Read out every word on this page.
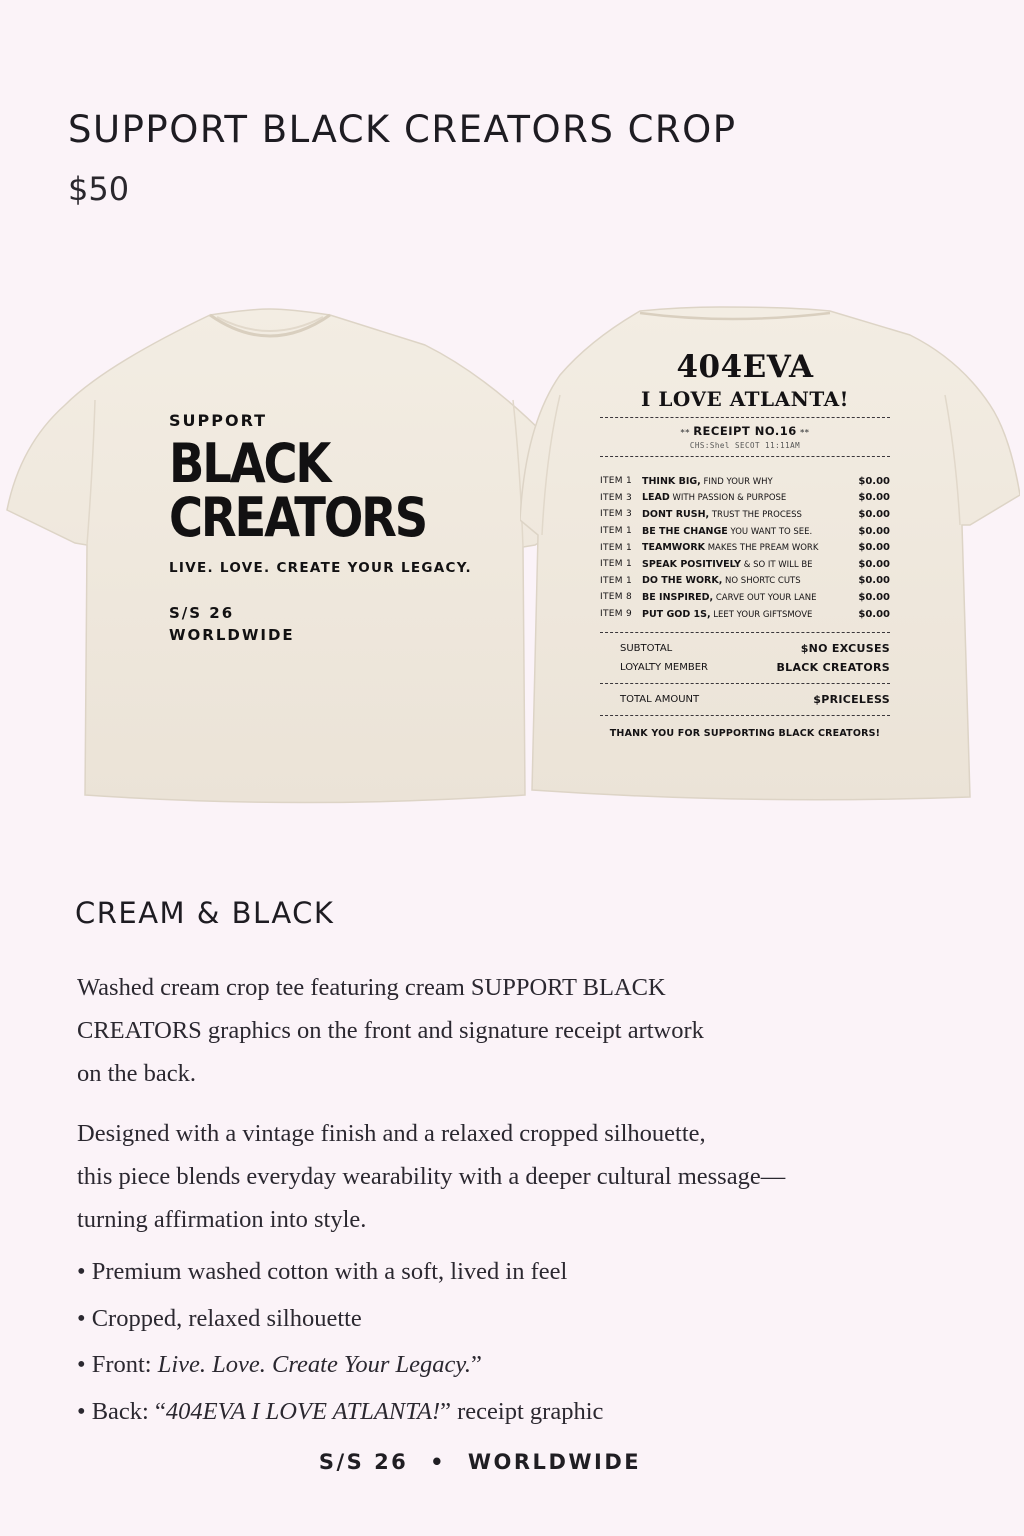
SUPPORT BLACK CREATORS CROP
$50
SUPPORT
BLACK
CREATORS
LIVE. LOVE. CREATE YOUR LEGACY.
S/S 26
WORLDWIDE
404EVA
I LOVE ATLANTA!
** RECEIPT NO.16 **
CHS:Shel SECOT 11:11AM
ITEM 1	THINK BIG, FIND YOUR WHY	$0.00
ITEM 3	LEAD WITH PASSION & PURPOSE	$0.00
ITEM 3	DONT RUSH, TRUST THE PROCESS	$0.00
ITEM 1	BE THE CHANGE YOU WANT TO SEE.	$0.00
ITEM 1	TEAMWORK MAKES THE PREAM WORK	$0.00
ITEM 1	SPEAK POSITIVELY & SO IT WILL BE	$0.00
ITEM 1	DO THE WORK, NO SHORTC CUTS	$0.00
ITEM 8	BE INSPIRED, CARVE OUT YOUR LANE	$0.00
ITEM 9	PUT GOD 1S, LEET YOUR GIFTSMOVE	$0.00
SUBTOTAL	$NO EXCUSES
LOYALTY MEMBER	BLACK CREATORS
TOTAL AMOUNT	$PRICELESS
THANK YOU FOR SUPPORTING BLACK CREATORS!
CREAM & BLACK
Washed cream crop tee featuring cream SUPPORT BLACK
CREATORS graphics on the front and signature receipt artwork
on the back.
Designed with a vintage finish and a relaxed cropped silhouette,
this piece blends everyday wearability with a deeper cultural message—
turning affirmation into style.
• Premium washed cotton with a soft, lived in feel
• Cropped, relaxed silhouette
• Front: Live. Love. Create Your Legacy.”
• Back: “404EVA I LOVE ATLANTA!” receipt graphic
S/S 26 • WORLDWIDE
